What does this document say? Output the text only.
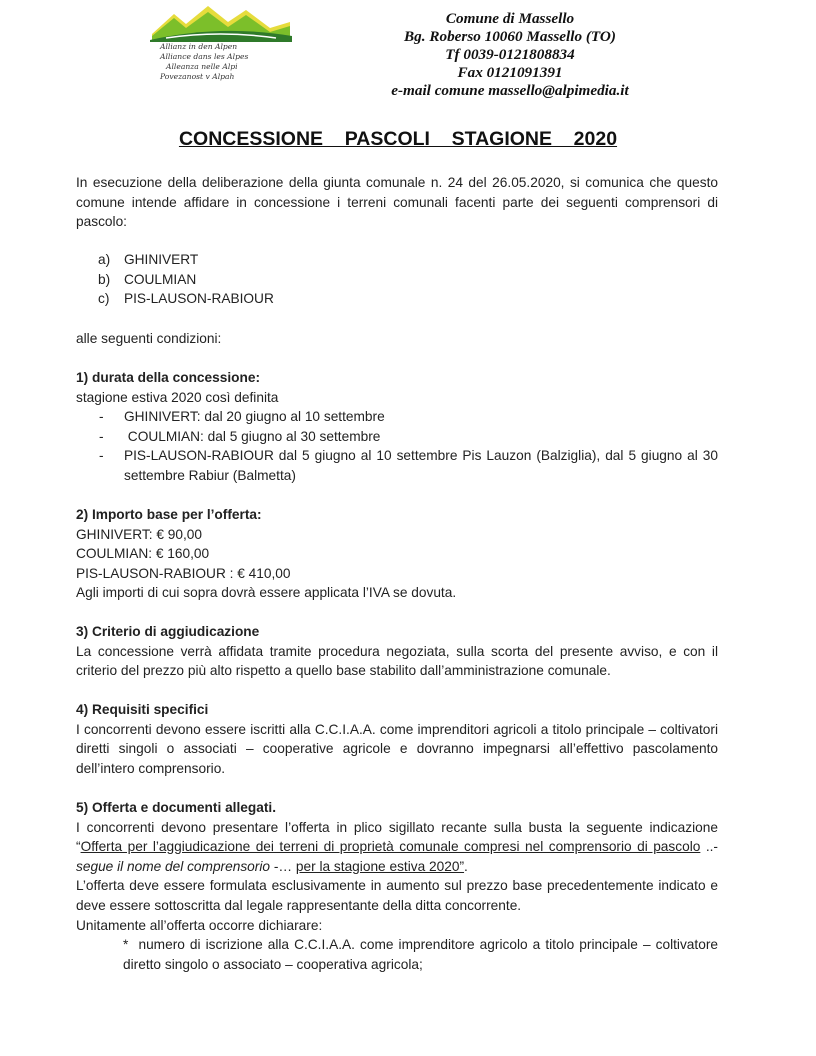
Allianz in den Alpen
Alliance dans les Alpes
Alleanza nelle Alpi
Povezanost v Alpah
Comune di Massello
Bg. Roberso 10060 Massello (TO)
Tf 0039-0121808834
Fax 0121091391
e-mail comune massello@alpimedia.it
CONCESSIONE    PASCOLI    STAGIONE    2020
In esecuzione della deliberazione della giunta comunale n. 24 del 26.05.2020, si comunica che questo comune intende affidare in concessione i terreni comunali facenti parte dei seguenti comprensori di pascolo:
a) GHINIVERT
b) COULMIAN
c) PIS-LAUSON-RABIOUR
alle seguenti condizioni:
1) durata della concessione:
stagione estiva 2020 così definita
- GHINIVERT: dal 20 giugno al 10 settembre
- COULMIAN: dal 5 giugno al 30 settembre
- PIS-LAUSON-RABIOUR dal 5 giugno al 10 settembre Pis Lauzon (Balziglia), dal 5 giugno al 30 settembre Rabiur (Balmetta)
2) Importo base per l’offerta:
GHINIVERT: € 90,00
COULMIAN: € 160,00
PIS-LAUSON-RABIOUR : € 410,00
Agli importi di cui sopra dovrà essere applicata l’IVA se dovuta.
3) Criterio di aggiudicazione
La concessione verrà affidata tramite procedura negoziata, sulla scorta del presente avviso, e con il criterio del prezzo più alto rispetto a quello base stabilito dall’amministrazione comunale.
4) Requisiti specifici
I concorrenti devono essere iscritti alla C.C.I.A.A. come imprenditori agricoli a titolo principale – coltivatori diretti singoli o associati – cooperative agricole e dovranno impegnarsi all’effettivo pascolamento dell’intero comprensorio.
5) Offerta e documenti allegati.
I concorrenti devono presentare l’offerta in plico sigillato recante sulla busta la seguente indicazione “Offerta per l’aggiudicazione dei terreni di proprietà comunale compresi nel comprensorio di pascolo ..- segue il nome del comprensorio -… per la stagione estiva 2020”.
L’offerta deve essere formulata esclusivamente in aumento sul prezzo base precedentemente indicato e deve essere sottoscritta dal legale rappresentante della ditta concorrente.
Unitamente all’offerta occorre dichiarare:
* numero di iscrizione alla C.C.I.A.A. come imprenditore agricolo a titolo principale – coltivatore diretto singolo o associato – cooperativa agricola;
